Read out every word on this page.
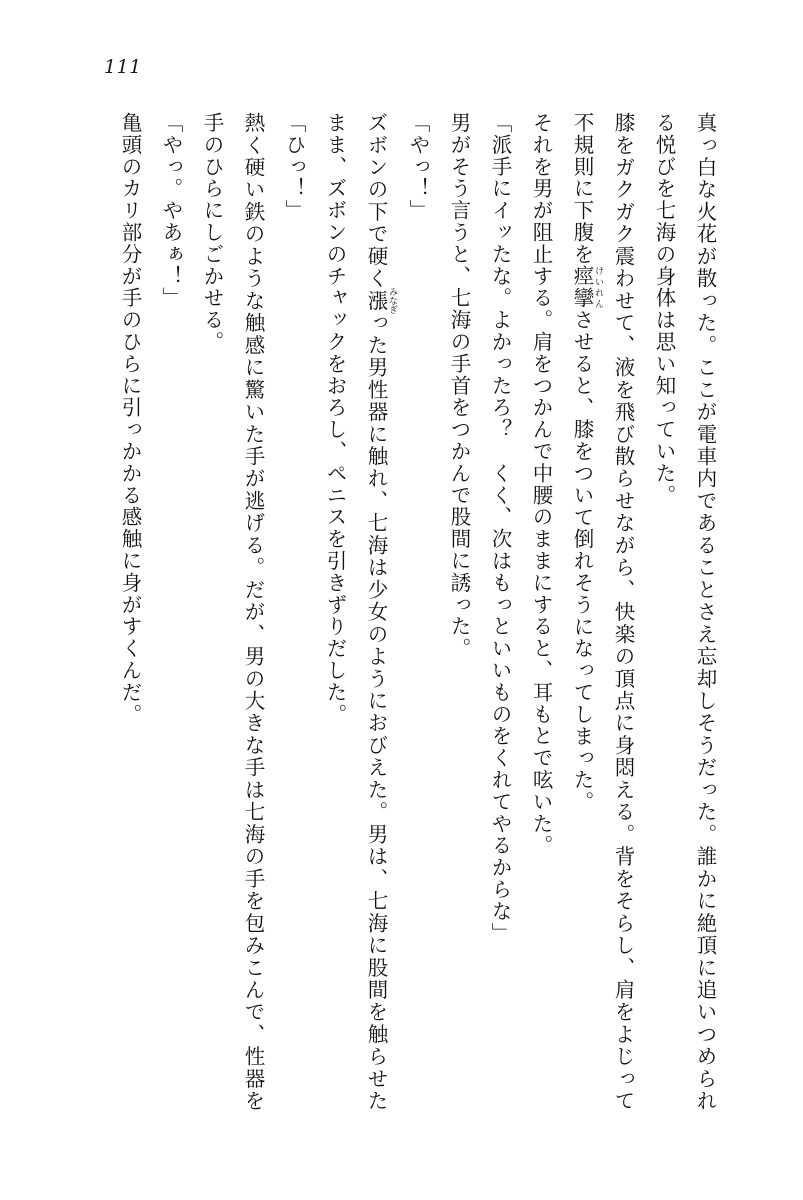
111

真っ白な火花が散った。ここが電車内であることさえ忘却しそうだった。誰かに絶頂に追いつめられる悦びを七海の身体は思い知っていた。

膝をガクガク震わせて、液を飛び散らせながら、快楽の頂点に身悶える。背をそらし、肩をよじって不規則に下腹を痙攣 けいれんさせると、膝をついて倒れそうになってしまった。

それを男が阻止する。肩をつかんで中腰のままにすると、耳もとで呟いた。

「派手にイッたな。よかったろ？　くく、次はもっといいものをくれてやるからな」

男がそう言うと、七海の手首をつかんで股間に誘った。

「やっ！」

ズボンの下で硬く漲 みなぎった男性器に触れ、七海は少女のようにおびえた。男は、七海に股間を触らせたまま、ズボンのチャックをおろし、ペニスを引きずりだした。

「ひっ！」

熱く硬い鉄のような触感に驚いた手が逃げる。だが、男の大きな手は七海の手を包みこんで、性器を手のひらにしごかせる。

「やっ。やあぁ！」

亀頭のカリ部分が手のひらに引っかかる感触に身がすくんだ。
